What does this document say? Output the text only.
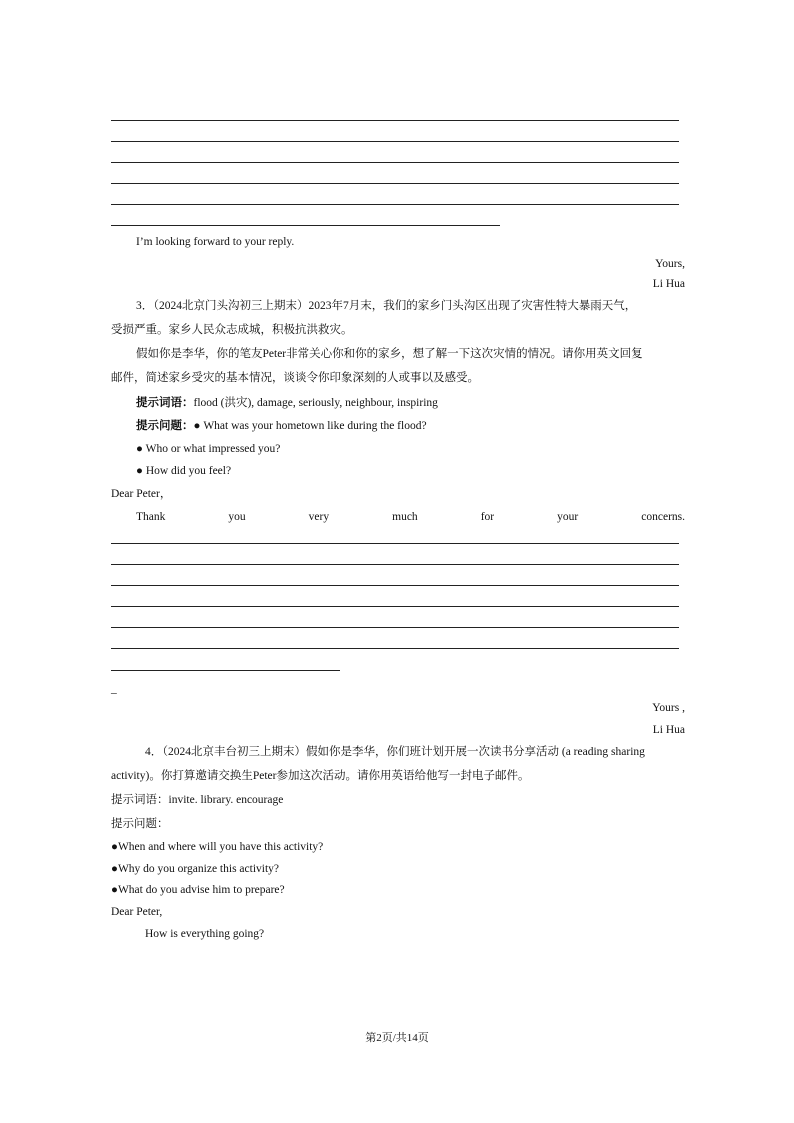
I’m looking forward to your reply.
Yours,
Li Hua
3．（2024北京门头沟初三上期末）2023年7月末，我们的家乡门头沟区出现了灾害性特大暴雨天气，
受损严重。家乡人民众志成城，积极抗洪救灾。
假如你是李华，你的笔友Peter非常关心你和你的家乡，想了解一下这次灾情的情况。请你用英文回复
邮件，简述家乡受灾的基本情况，谈谈令你印象深刻的人或事以及感受。
提示词语：flood (洪灾), damage, seriously, neighbour, inspiring
提示问题：● What was your hometown like during the flood?
● Who or what impressed you?
● How did you feel?
Dear Peter，
Thank	you	very	much	for	your	concerns.
_
Yours ,
Li Hua
4．（2024北京丰台初三上期末）假如你是李华，你们班计划开展一次读书分享活动 (a reading sharing
activity)。你打算邀请交换生Peter参加这次活动。请你用英语给他写一封电子邮件。
提示词语：invite. library. encourage
提示问题：
●When and where will you have this activity?
●Why do you organize this activity?
●What do you advise him to prepare?
Dear Peter,
How is everything going?
第2页/共14页
